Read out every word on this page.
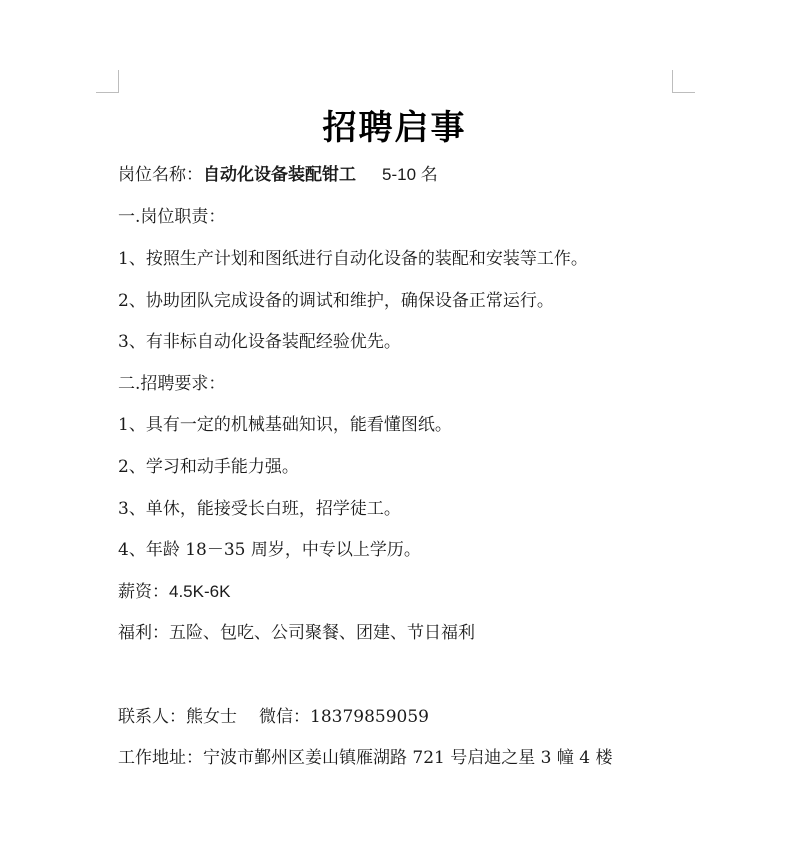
招聘启事
岗位名称：自动化设备装配钳工 5-10 名
一.岗位职责：
1、按照生产计划和图纸进行自动化设备的装配和安装等工作。
2、协助团队完成设备的调试和维护，确保设备正常运行。
3、有非标自动化设备装配经验优先。
二.招聘要求：
1、具有一定的机械基础知识，能看懂图纸。
2、学习和动手能力强。
3、单休，能接受长白班，招学徒工。
4、年龄 18－35 周岁，中专以上学历。
薪资：4.5K-6K
福利：五险、包吃、公司聚餐、团建、节日福利
联系人：熊女士 微信：18379859059
工作地址：宁波市鄞州区姜山镇雁湖路 721 号启迪之星 3 幢 4 楼
